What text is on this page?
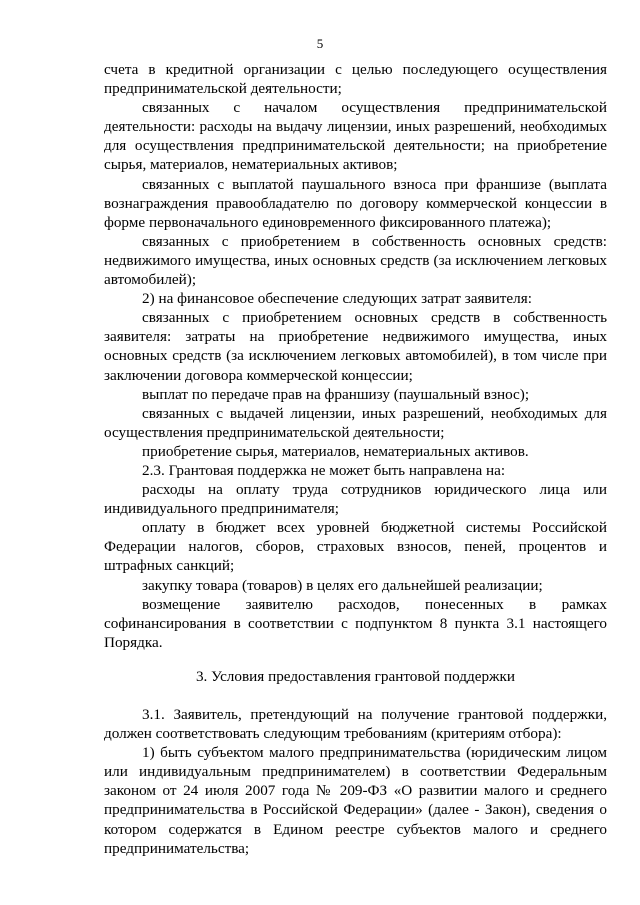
5

счета в кредитной организации с целью последующего осуществления предпринимательской деятельности;

связанных с началом осуществления предпринимательской деятельности: расходы на выдачу лицензии, иных разрешений, необходимых для осуществления предпринимательской деятельности; на приобретение сырья, материалов, нематериальных активов;

связанных с выплатой паушального взноса при франшизе (выплата вознаграждения правообладателю по договору коммерческой концессии в форме первоначального единовременного фиксированного платежа);

связанных с приобретением в собственность основных средств: недвижимого имущества, иных основных средств (за исключением легковых автомобилей);

2) на финансовое обеспечение следующих затрат заявителя:

связанных с приобретением основных средств в собственность заявителя: затраты на приобретение недвижимого имущества, иных основных средств (за исключением легковых автомобилей), в том числе при заключении договора коммерческой концессии;

выплат по передаче прав на франшизу (паушальный взнос);

связанных с выдачей лицензии, иных разрешений, необходимых для осуществления предпринимательской деятельности;

приобретение сырья, материалов, нематериальных активов.

2.3. Грантовая поддержка не может быть направлена на:

расходы на оплату труда сотрудников юридического лица или индивидуального предпринимателя;

оплату в бюджет всех уровней бюджетной системы Российской Федерации налогов, сборов, страховых взносов, пеней, процентов и штрафных санкций;

закупку товара (товаров) в целях его дальнейшей реализации;

возмещение заявителю расходов, понесенных в рамках софинансирования в соответствии с подпунктом 8 пункта 3.1 настоящего Порядка.

3. Условия предоставления грантовой поддержки

3.1. Заявитель, претендующий на получение грантовой поддержки, должен соответствовать следующим требованиям (критериям отбора):

1) быть субъектом малого предпринимательства (юридическим лицом или индивидуальным предпринимателем) в соответствии Федеральным законом от 24 июля 2007 года № 209-ФЗ «О развитии малого и среднего предпринимательства в Российской Федерации» (далее - Закон), сведения о котором содержатся в Едином реестре субъектов малого и среднего предпринимательства;
